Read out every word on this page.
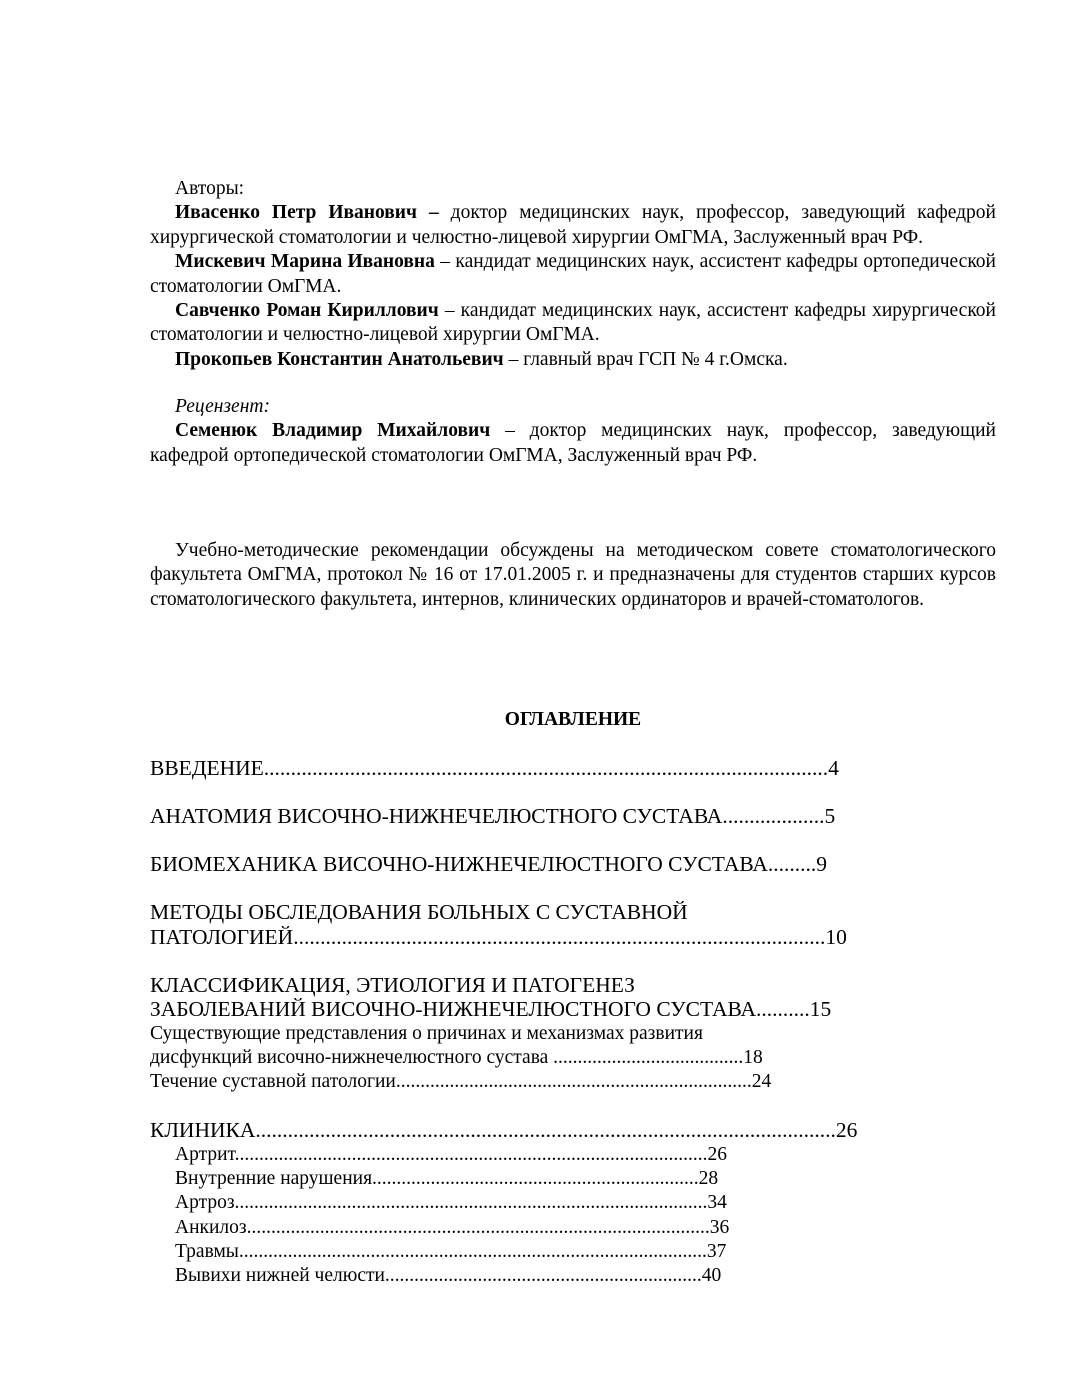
Авторы:
Ивасенко Петр Иванович – доктор медицинских наук, профессор, заведующий кафедрой хирургической стоматологии и челюстно-лицевой хирургии ОмГМА, Заслуженный врач РФ.
Мискевич Марина Ивановна – кандидат медицинских наук, ассистент кафедры ортопедической стоматологии ОмГМА.
Савченко Роман Кириллович – кандидат медицинских наук, ассистент кафедры хирургической стоматологии и челюстно-лицевой хирургии ОмГМА.
Прокопьев Константин Анатольевич – главный врач ГСП № 4 г.Омска.
Рецензент:
Семенюк Владимир Михайлович – доктор медицинских наук, профессор, заведующий кафедрой ортопедической стоматологии ОмГМА, Заслуженный врач РФ.
Учебно-методические рекомендации обсуждены на методическом совете стоматологического факультета ОмГМА, протокол № 16 от 17.01.2005 г. и предназначены для студентов старших курсов стоматологического факультета, интернов, клинических ординаторов и врачей-стоматологов.
ОГЛАВЛЕНИЕ
ВВЕДЕНИЕ.........................................................................................................4
АНАТОМИЯ ВИСОЧНО-НИЖНЕЧЕЛЮСТНОГО СУСТАВА...................5
БИОМЕХАНИКА ВИСОЧНО-НИЖНЕЧЕЛЮСТНОГО СУСТАВА.........9
МЕТОДЫ ОБСЛЕДОВАНИЯ БОЛЬНЫХ С СУСТАВНОЙ
ПАТОЛОГИЕЙ...................................................................................................10
КЛАССИФИКАЦИЯ, ЭТИОЛОГИЯ И ПАТОГЕНЕЗ
ЗАБОЛЕВАНИЙ ВИСОЧНО-НИЖНЕЧЕЛЮСТНОГО СУСТАВА..........15
Существующие представления о причинах и механизмах развития
дисфункций височно-нижнечелюстного сустава .......................................18
Течение суставной патологии.........................................................................24
КЛИНИКА............................................................................................................26
Артрит.................................................................................................26
Внутренние нарушения...................................................................28
Артроз.................................................................................................34
Анкилоз...............................................................................................36
Травмы................................................................................................37
Вывихи нижней челюсти.................................................................40
